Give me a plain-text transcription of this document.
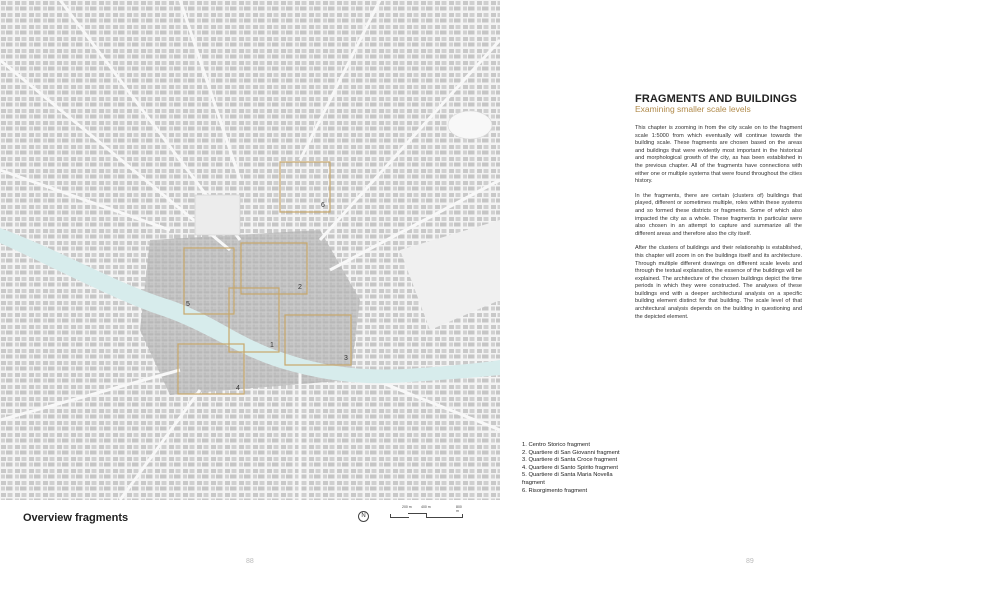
1
2
3
4
5
6
Overview fragments	N
200 m	400 m	800 m
88
FRAGMENTS AND BUILDINGS
Examining smaller scale levels

This chapter is zooming in from the city scale on to the fragment scale 1:5000 from which eventually will continue towards the building scale. These fragments are chosen based on the areas and buildings that were evidently most important in the historical and morphological growth of the city, as has been established in the previous chapter. All of the fragments have connections with either one or multiple systems that were found throughout the cities history.

In the fragments, there are certain (clusters of) buildings that played, different or sometimes multiple, roles within these systems and so formed these districts or fragments. Some of which also impacted the city as a whole. These fragments in particular were also chosen in an attempt to capture and summarize all the different areas and therefore also the city itself.

After the clusters of buildings and their relationship is established, this chapter will zoom in on the buildings itself and its architecture. Through multiple different drawings on different scale levels and through the textual explanation, the essence of the buildings will be explained. The architecture of the chosen buildings depict the time periods in which they were constructed. The analyses of these buildings end with a deeper architectural analysis on a specific building element distinct for that building. The scale level of that architectural analysis depends on the building in questioning and the depicted element.

1. Centro Storico fragment
2. Quartiere di San Giovanni fragment
3. Quartiere di Santa Croce fragment
4. Quartiere di Santo Spirito fragment
5. Quartiere di Santa Maria Novella fragment
6. Risorgimento fragment
89
